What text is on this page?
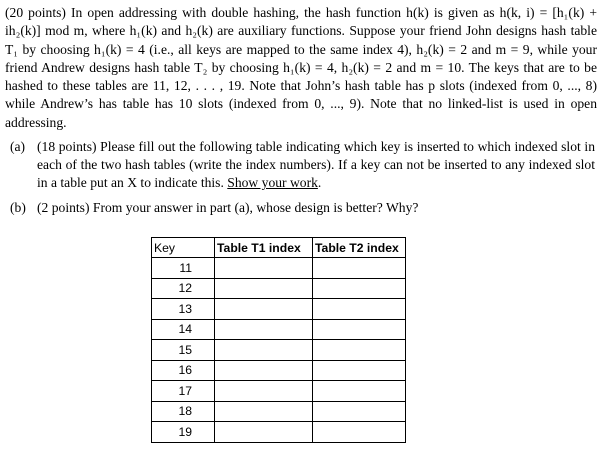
(20 points) In open addressing with double hashing, the hash function h(k) is given as h(k, i) = [h₁(k) + ih₂(k)] mod m, where h₁(k) and h₂(k) are auxiliary functions. Suppose your friend John designs hash table T₁ by choosing h₁(k) = 4 (i.e., all keys are mapped to the same index 4), h₂(k) = 2 and m = 9, while your friend Andrew designs hash table T₂ by choosing h₁(k) = 4, h₂(k) = 2 and m = 10. The keys that are to be hashed to these tables are 11, 12, . . . , 19. Note that John’s hash table has p slots (indexed from 0, ..., 8) while Andrew’s has table has 10 slots (indexed from 0, ..., 9). Note that no linked-list is used in open addressing.

(a) (18 points) Please fill out the following table indicating which key is inserted to which indexed slot in each of the two hash tables (write the index numbers). If a key can not be inserted to any indexed slot in a table put an X to indicate this. Show your work.
(b) (2 points) From your answer in part (a), whose design is better? Why?
Key	Table T1 index	Table T2 index
11		
12		
13		
14		
15		
16		
17		
18		
19		
